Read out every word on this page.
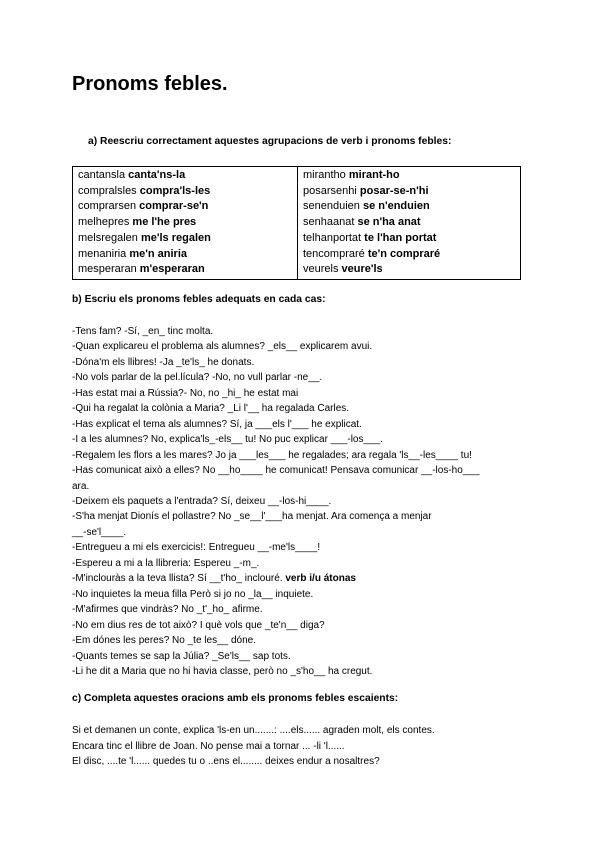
Pronoms febles.
a) Reescriu correctament aquestes agrupacions de verb i pronoms febles:
cantansla canta'ns-la	mirantho mirant-ho
compralsles compra'ls-les	posarsenhi posar-se-n'hi
comprarsen comprar-se'n	senenduien se n'enduien
melhepres me l'he pres	senhaanat se n'ha anat
melsregalen me'ls regalen	telhanportat te l'han portat
menaniria me'n aniria	tencompraré te'n compraré
mesperaran m'esperaran	veurels veure'ls
b) Escriu els pronoms febles adequats en cada cas:
-Tens fam? -Sí, _en_ tinc molta.
-Quan explicareu el problema als alumnes? _els__ explicarem avui.
-Dóna'm els llibres! -Ja _te'ls_ he donats.
-No vols parlar de la pel.lícula? -No, no vull parlar -ne__.
-Has estat mai a Rússia?- No, no _hi_ he estat mai
-Qui ha regalat la colònia a Maria? _Li l'__ ha regalada Carles.
-Has explicat el tema als alumnes? Sí, ja ___els l'___ he explicat.
-I a les alumnes? No, explica'ls_-els__ tu! No puc explicar ___-los___.
-Regalem les flors a les mares? Jo ja ___les___ he regalades; ara regala 'ls__-les____ tu!
-Has comunicat això a elles? No __ho____ he comunicat! Pensava comunicar __-los-ho___
ara.
-Deixem els paquets a l'entrada? Sí, deixeu __-los-hi____.
-S'ha menjat Dionís el pollastre? No _se__l'___ha menjat. Ara comença a menjar
__-se'l____.
-Entregueu a mi els exercicis!: Entregueu __-me'ls____!
-Espereu a mi a la llibreria: Espereu _-m_.
-M'inclouràs a la teva llista? Sí __t'ho_ inclouré. verb i/u átonas
-No inquietes la meua filla Però si jo no _la__ inquiete.
-M'afirmes que vindràs? No _t'_ho_ afirme.
-No em dius res de tot això? I què vols que _te'n__ diga?
-Em dónes les peres? No _te les__ dóne.
-Quants temes se sap la Júlia? _Se'ls__ sap tots.
-Li he dit a Maria que no hi havia classe, però no _s'ho__ ha cregut.
c) Completa aquestes oracions amb els pronoms febles escaients:
Si et demanen un conte, explica 'ls-en un.......: ....els...... agraden molt, els contes.
Encara tinc el llibre de Joan. No pense mai a tornar ... -li 'l......
El disc, ....te 'l...... quedes tu o ..ens el........ deixes endur a nosaltres?
